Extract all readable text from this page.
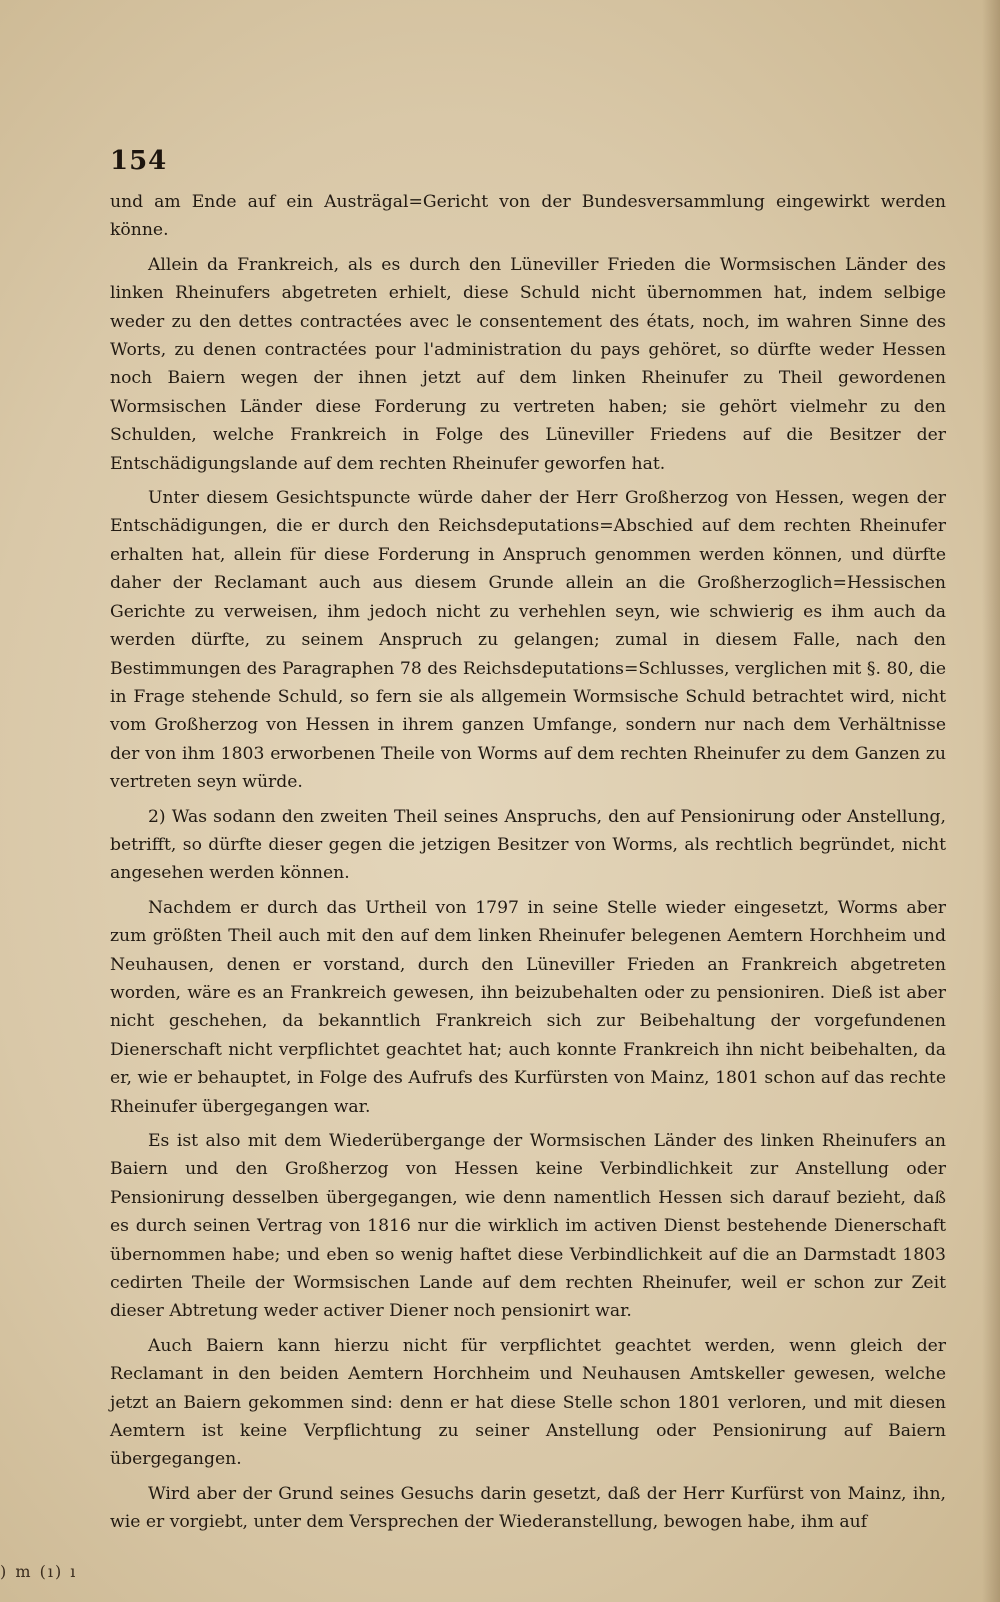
154

und am Ende auf ein Austrägal=Gericht von der Bundesversammlung eingewirkt werden könne.

Allein da Frankreich, als es durch den Lüneviller Frieden die Wormsischen Länder des linken Rheinufers abgetreten erhielt, diese Schuld nicht übernommen hat, indem selbige weder zu den dettes contractées avec le consentement des états, noch, im wahren Sinne des Worts, zu denen contractées pour l'administration du pays gehöret, so dürfte weder Hessen noch Baiern wegen der ihnen jetzt auf dem linken Rheinufer zu Theil gewordenen Wormsischen Länder diese Forderung zu vertreten haben; sie gehört vielmehr zu den Schulden, welche Frankreich in Folge des Lüneviller Friedens auf die Besitzer der Entschädigungslande auf dem rechten Rheinufer geworfen hat.

Unter diesem Gesichtspuncte würde daher der Herr Großherzog von Hessen, wegen der Entschädigungen, die er durch den Reichsdeputations=Abschied auf dem rechten Rheinufer erhalten hat, allein für diese Forderung in Anspruch genommen werden können, und dürfte daher der Reclamant auch aus diesem Grunde allein an die Großherzoglich=Hessischen Gerichte zu verweisen, ihm jedoch nicht zu verhehlen seyn, wie schwierig es ihm auch da werden dürfte, zu seinem Anspruch zu gelangen; zumal in diesem Falle, nach den Bestimmungen des Paragraphen 78 des Reichsdeputations=Schlusses, verglichen mit §. 80, die in Frage stehende Schuld, so fern sie als allgemein Wormsische Schuld betrachtet wird, nicht vom Großherzog von Hessen in ihrem ganzen Umfange, sondern nur nach dem Verhältnisse der von ihm 1803 erworbenen Theile von Worms auf dem rechten Rheinufer zu dem Ganzen zu vertreten seyn würde.

2) Was sodann den zweiten Theil seines Anspruchs, den auf Pensionirung oder Anstellung, betrifft, so dürfte dieser gegen die jetzigen Besitzer von Worms, als rechtlich begründet, nicht angesehen werden können.

Nachdem er durch das Urtheil von 1797 in seine Stelle wieder eingesetzt, Worms aber zum größten Theil auch mit den auf dem linken Rheinufer belegenen Aemtern Horchheim und Neuhausen, denen er vorstand, durch den Lüneviller Frieden an Frankreich abgetreten worden, wäre es an Frankreich gewesen, ihn beizubehalten oder zu pensioniren. Dieß ist aber nicht geschehen, da bekanntlich Frankreich sich zur Beibehaltung der vorgefundenen Dienerschaft nicht verpflichtet geachtet hat; auch konnte Frankreich ihn nicht beibehalten, da er, wie er behauptet, in Folge des Aufrufs des Kurfürsten von Mainz, 1801 schon auf das rechte Rheinufer übergegangen war.

Es ist also mit dem Wiederübergange der Wormsischen Länder des linken Rheinufers an Baiern und den Großherzog von Hessen keine Verbindlichkeit zur Anstellung oder Pensionirung desselben übergegangen, wie denn namentlich Hessen sich darauf bezieht, daß es durch seinen Vertrag von 1816 nur die wirklich im activen Dienst bestehende Dienerschaft übernommen habe; und eben so wenig haftet diese Verbindlichkeit auf die an Darmstadt 1803 cedirten Theile der Wormsischen Lande auf dem rechten Rheinufer, weil er schon zur Zeit dieser Abtretung weder activer Diener noch pensionirt war.

Auch Baiern kann hierzu nicht für verpflichtet geachtet werden, wenn gleich der Reclamant in den beiden Aemtern Horchheim und Neuhausen Amtskeller gewesen, welche jetzt an Baiern gekommen sind: denn er hat diese Stelle schon 1801 verloren, und mit diesen Aemtern ist keine Verpflichtung zu seiner Anstellung oder Pensionirung auf Baiern übergegangen.

Wird aber der Grund seines Gesuchs darin gesetzt, daß der Herr Kurfürst von Mainz, ihn, wie er vorgiebt, unter dem Versprechen der Wiederanstellung, bewogen habe, ihm auf

) m (ı) ı
